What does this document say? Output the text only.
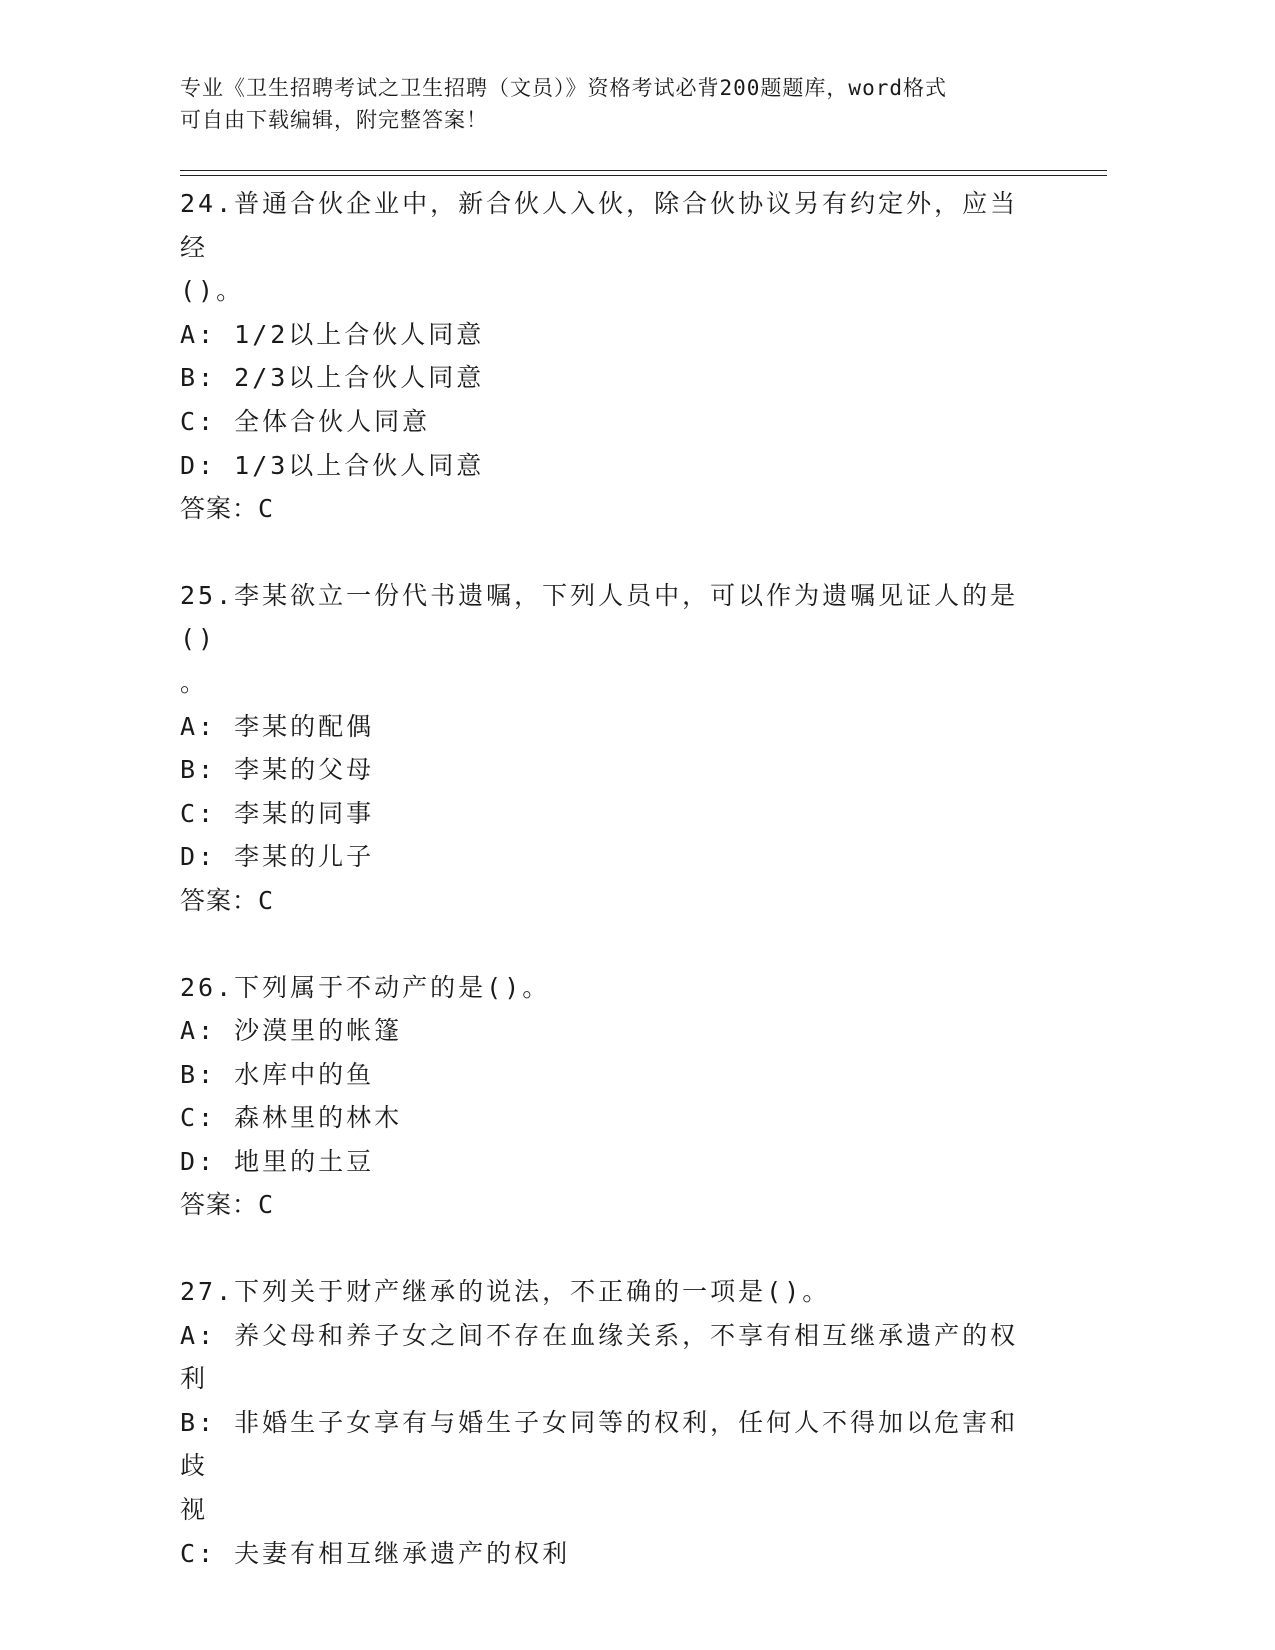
专业《卫生招聘考试之卫生招聘（文员）》资格考试必背200题题库，word格式
可自由下载编辑，附完整答案！
24.普通合伙企业中，新合伙人入伙，除合伙协议另有约定外，应当经
()。
A: 1/2以上合伙人同意
B: 2/3以上合伙人同意
C: 全体合伙人同意
D: 1/3以上合伙人同意
答案：C
25.李某欲立一份代书遗嘱，下列人员中，可以作为遗嘱见证人的是()
。
A: 李某的配偶
B: 李某的父母
C: 李某的同事
D: 李某的儿子
答案：C
26.下列属于不动产的是()。
A: 沙漠里的帐篷
B: 水库中的鱼
C: 森林里的林木
D: 地里的土豆
答案：C
27.下列关于财产继承的说法，不正确的一项是()。
A: 养父母和养子女之间不存在血缘关系，不享有相互继承遗产的权利
B: 非婚生子女享有与婚生子女同等的权利，任何人不得加以危害和歧
视
C: 夫妻有相互继承遗产的权利
